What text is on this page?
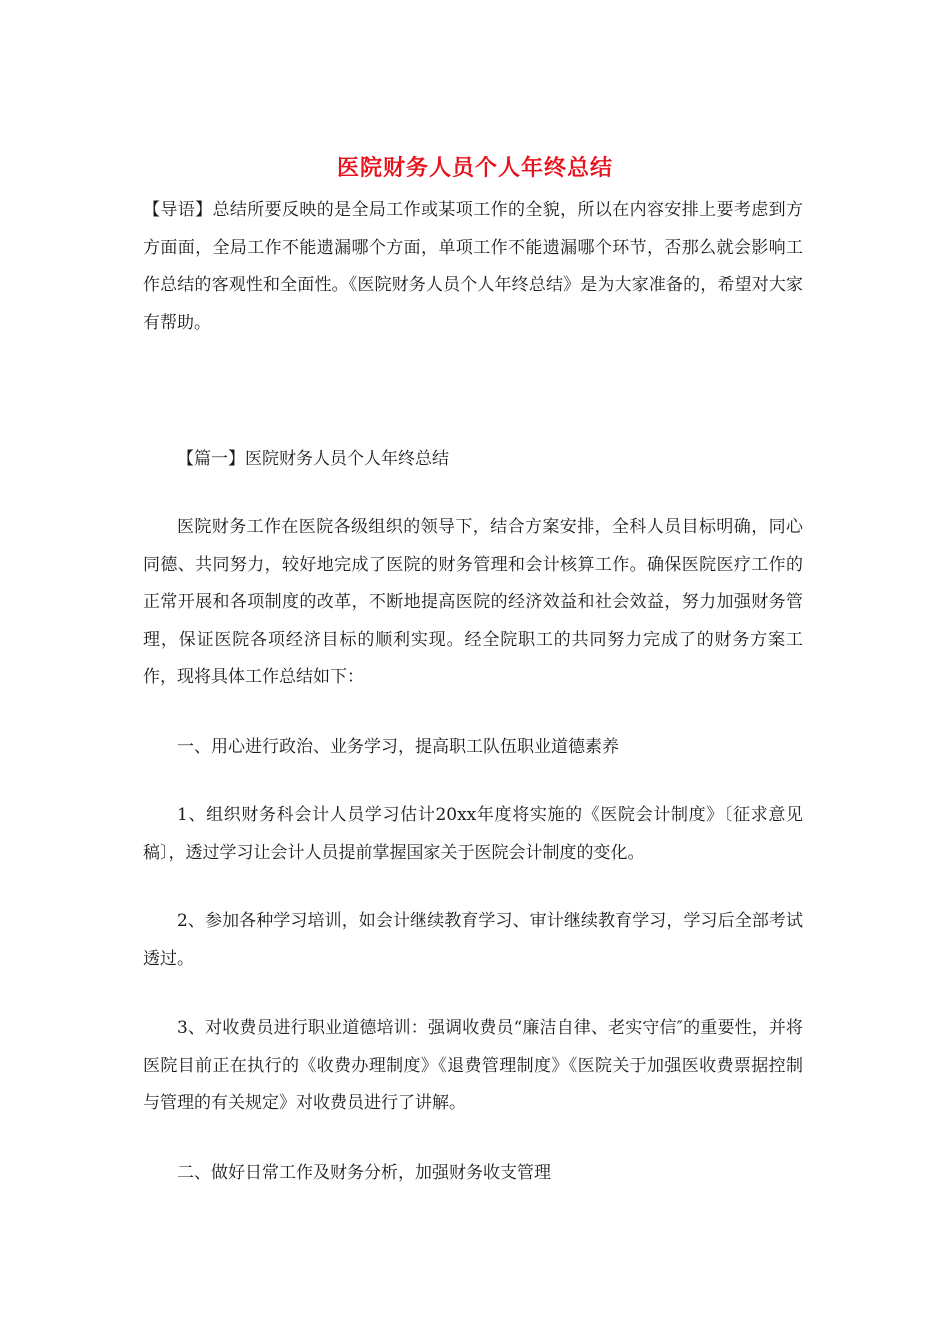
医院财务人员个人年终总结

【导语】总结所要反映的是全局工作或某项工作的全貌，所以在内容安排上要考虑到方方面面，全局工作不能遗漏哪个方面，单项工作不能遗漏哪个环节，否那么就会影响工作总结的客观性和全面性。《医院财务人员个人年终总结》是为大家准备的，希望对大家有帮助。

【篇一】医院财务人员个人年终总结

医院财务工作在医院各级组织的领导下，结合方案安排，全科人员目标明确，同心同德、共同努力，较好地完成了医院的财务管理和会计核算工作。确保医院医疗工作的正常开展和各项制度的改革，不断地提高医院的经济效益和社会效益，努力加强财务管理，保证医院各项经济目标的顺利实现。经全院职工的共同努力完成了的财务方案工作，现将具体工作总结如下：

一、用心进行政治、业务学习，提高职工队伍职业道德素养

1、组织财务科会计人员学习估计20xx年度将实施的《医院会计制度》〔征求意见稿〕，透过学习让会计人员提前掌握国家关于医院会计制度的变化。

2、参加各种学习培训，如会计继续教育学习、审计继续教育学习，学习后全部考试透过。

3、对收费员进行职业道德培训：强调收费员“廉洁自律、老实守信″的重要性，并将医院目前正在执行的《收费办理制度》《退费管理制度》《医院关于加强医收费票据控制与管理的有关规定》对收费员进行了讲解。

二、做好日常工作及财务分析，加强财务收支管理
